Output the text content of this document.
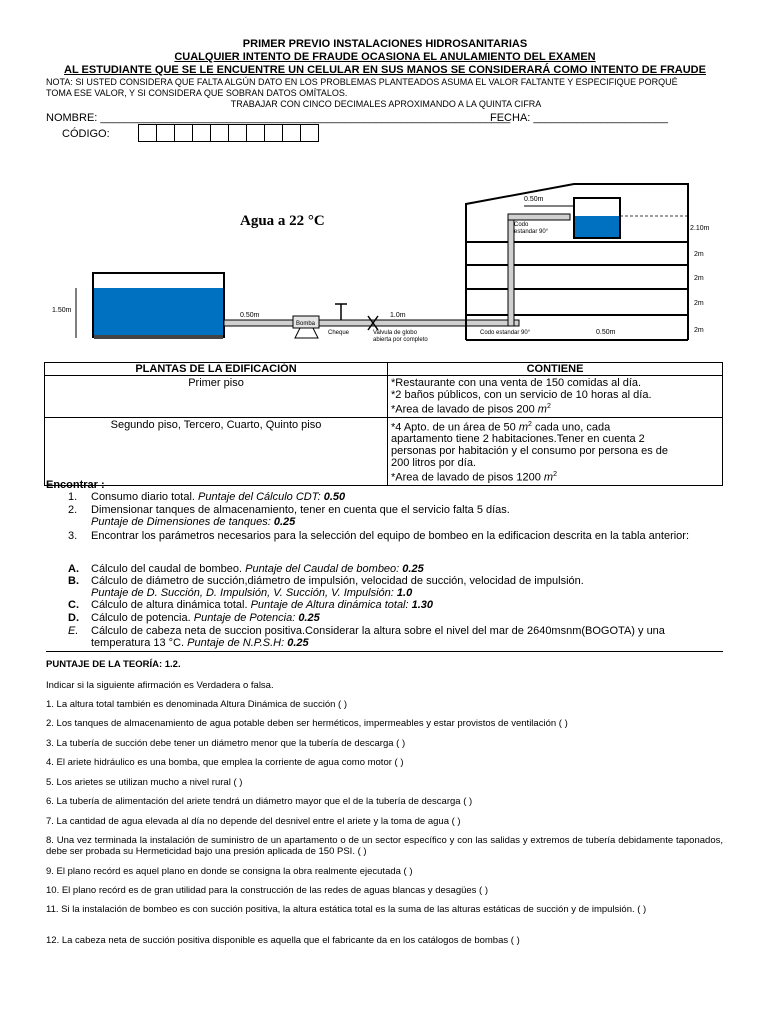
PRIMER PREVIO INSTALACIONES HIDROSANITARIAS
CUALQUIER INTENTO DE FRAUDE OCASIONA EL ANULAMIENTO DEL EXAMEN
AL ESTUDIANTE QUE SE LE ENCUENTRE UN CELULAR EN SUS MANOS SE CONSIDERARÁ COMO INTENTO DE FRAUDE
NOTA: SI USTED CONSIDERA QUE FALTA ALGÚN DATO EN LOS PROBLEMAS PLANTEADOS ASUMA EL VALOR FALTANTE Y ESPECIFIQUE PORQUÉ
TOMA ESE VALOR, Y SI CONSIDERA QUE SOBRAN DATOS OMÍTALOS.
TRABAJAR CON CINCO DECIMALES APROXIMANDO A LA QUINTA CIFRA
NOMBRE: ___________________________________________________________________
FECHA: ______________________
CÓDIGO:
Agua a 22 °C
1.50m
0.50m
Bomba
Cheque
1.0m
Valvula de globo
abierta por completo
Codo estandar 90°	0.50m
0.50m
Codo
estandar 90°	2.10m
2m
2m
2m
2m
PLANTAS DE LA EDIFICACIÓN	CONTIENE
Primer piso	*Restaurante con una venta de 150 comidas al día.
*2 baños públicos, con un servicio de 10 horas al día.
*Area de lavado de pisos 200 $m^2$

Segundo piso, Tercero, Cuarto, Quinto piso	*4 Apto. de un área de 50 $m^2$ cada uno, cada
apartamento tiene 2 habitaciones.Tener en cuenta 2
personas por habitación y el consumo por persona es de
200 litros por día.
*Area de lavado de pisos 1200 $m^2$
Encontrar :
1. Consumo diario total. Puntaje del Cálculo CDT: 0.50
2. Dimensionar tanques de almacenamiento, tener en cuenta que el servicio falta 5 días.
Puntaje de Dimensiones de tanques: 0.25
3. Encontrar los parámetros necesarios para la selección del equipo de bombeo en la edificacion descrita en la tabla anterior:
A. Cálculo del caudal de bombeo. Puntaje del Caudal de bombeo: 0.25
B. Cálculo de diámetro de succión,diámetro de impulsión, velocidad de succión, velocidad de impulsión.
Puntaje de D. Succión, D. Impulsión, V. Succión, V. Impulsión: 1.0
C. Cálculo de altura dinámica total. Puntaje de Altura dinámica total: 1.30
D. Cálculo de potencia. Puntaje de Potencia: 0.25
E. Cálculo de cabeza neta de succion positiva.Considerar la altura sobre el nivel del mar de 2640msnm(BOGOTA) y una temperatura 13 °C. Puntaje de N.P.S.H: 0.25
PUNTAJE DE LA TEORÍA: 1.2.
Indicar si la siguiente afirmación es Verdadera o falsa.
1. La altura total también es denominada Altura Dinámica de succión ( )
2. Los tanques de almacenamiento de agua potable deben ser herméticos, impermeables y estar provistos de ventilación ( )
3. La tubería de succión debe tener un diámetro menor que la tubería de descarga ( )
4. El ariete hidráulico es una bomba, que emplea la corriente de agua como motor ( )
5. Los arietes se utilizan mucho a nivel rural ( )
6. La tubería de alimentación del ariete tendrá un diámetro mayor que el de la tubería de descarga ( )
7. La cantidad de agua elevada al día no depende del desnivel entre el ariete y la toma de agua ( )
8. Una vez terminada la instalación de suministro de un apartamento o de un sector específico y con las salidas y extremos de tubería debidamente taponados, debe ser probada su Hermeticidad bajo una presión aplicada de 150 PSI. ( )
9. El plano recórd es aquel plano en donde se consigna la obra realmente ejecutada ( )
10. El plano recórd es de gran utilidad para la construcción de las redes de aguas blancas y desagües ( )
11. Si la instalación de bombeo es con succión positiva, la altura estática total es la suma de las alturas estáticas de succión y de impulsión. ( )
12. La cabeza neta de succión positiva disponible es aquella que el fabricante da en los catálogos de bombas ( )
